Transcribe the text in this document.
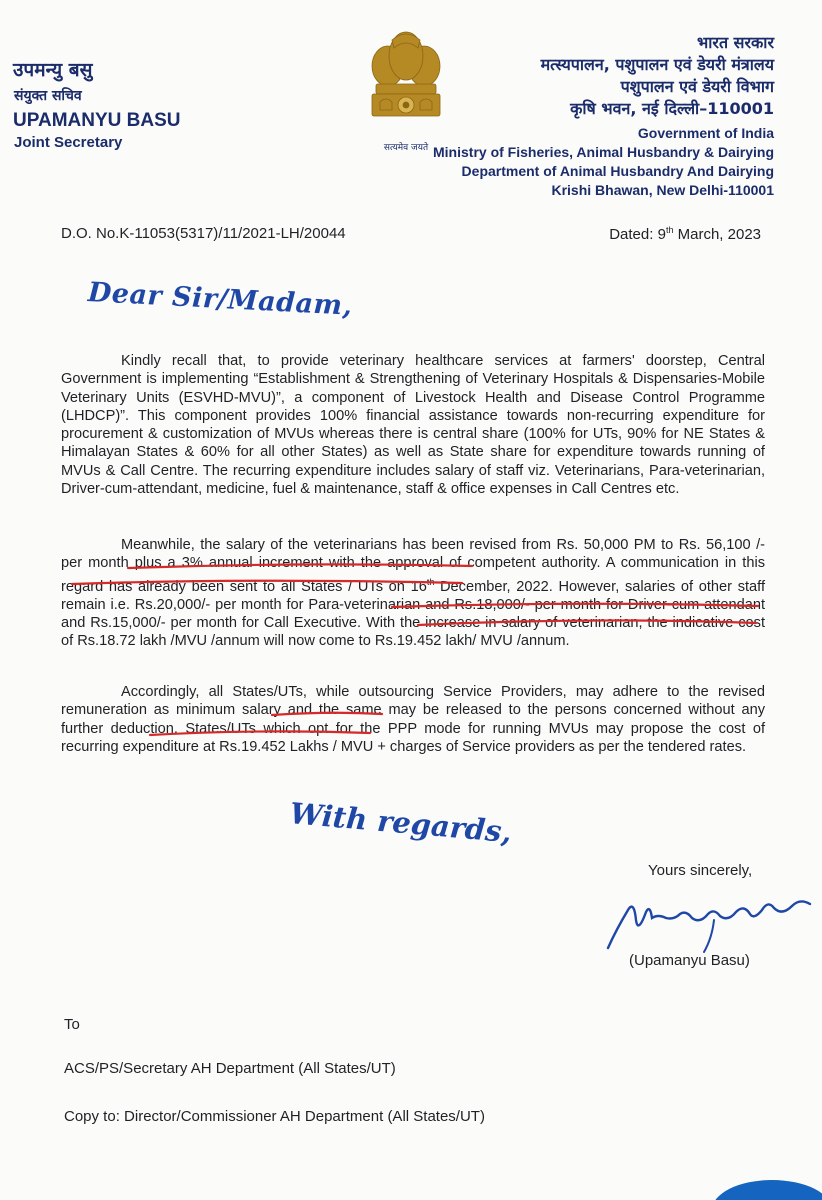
उपमन्यु बसु
संयुक्त सचिव
UPAMANYU BASU
Joint Secretary	सत्यमेव जयते
भारत सरकार
मत्स्यपालन, पशुपालन एवं डेयरी मंत्रालय
पशुपालन एवं डेयरी विभाग
कृषि भवन, नई दिल्ली–110001
Government of India
Ministry of Fisheries, Animal Husbandry & Dairying
Department of Animal Husbandry And Dairying
Krishi Bhawan, New Delhi-110001
D.O. No.K-11053(5317)/11/2021-LH/20044	Dated: 9th March, 2023
Dear Sir/Madam,

Kindly recall that, to provide veterinary healthcare services at farmers' doorstep, Central Government is implementing “Establishment & Strengthening of Veterinary Hospitals & Dispensaries-Mobile Veterinary Units (ESVHD-MVU)”, a component of Livestock Health and Disease Control Programme (LHDCP)”. This component provides 100% financial assistance towards non-recurring expenditure for procurement & customization of MVUs whereas there is central share (100% for UTs, 90% for NE States & Himalayan States & 60% for all other States) as well as State share for expenditure towards running of MVUs & Call Centre. The recurring expenditure includes salary of staff viz. Veterinarians, Para-veterinarian, Driver-cum-attendant, medicine, fuel & maintenance, staff & office expenses in Call Centres etc.

Meanwhile, the salary of the veterinarians has been revised from Rs. 50,000 PM to Rs. 56,100 /- per month plus a 3% annual increment with the approval of competent authority. A communication in this regard has already been sent to all States / UTs on 16th December, 2022. However, salaries of other staff remain i.e. Rs.20,000/- per month for Para-veterinarian and Rs.18,000/- per month for Driver-cum-attendant and Rs.15,000/- per month for Call Executive. With the increase in salary of veterinarian, the indicative cost of Rs.18.72 lakh /MVU /annum will now come to Rs.19.452 lakh/ MVU /annum.

Accordingly, all States/UTs, while outsourcing Service Providers, may adhere to the revised remuneration as minimum salary and the same may be released to the persons concerned without any further deduction. States/UTs which opt for the PPP mode for running MVUs may propose the cost of recurring expenditure at Rs.19.452 Lakhs / MVU + charges of Service providers as per the tendered rates.

With regards,
Yours sincerely,
(Upamanyu Basu)
To
ACS/PS/Secretary AH Department (All States/UT)
Copy to: Director/Commissioner AH Department (All States/UT)
